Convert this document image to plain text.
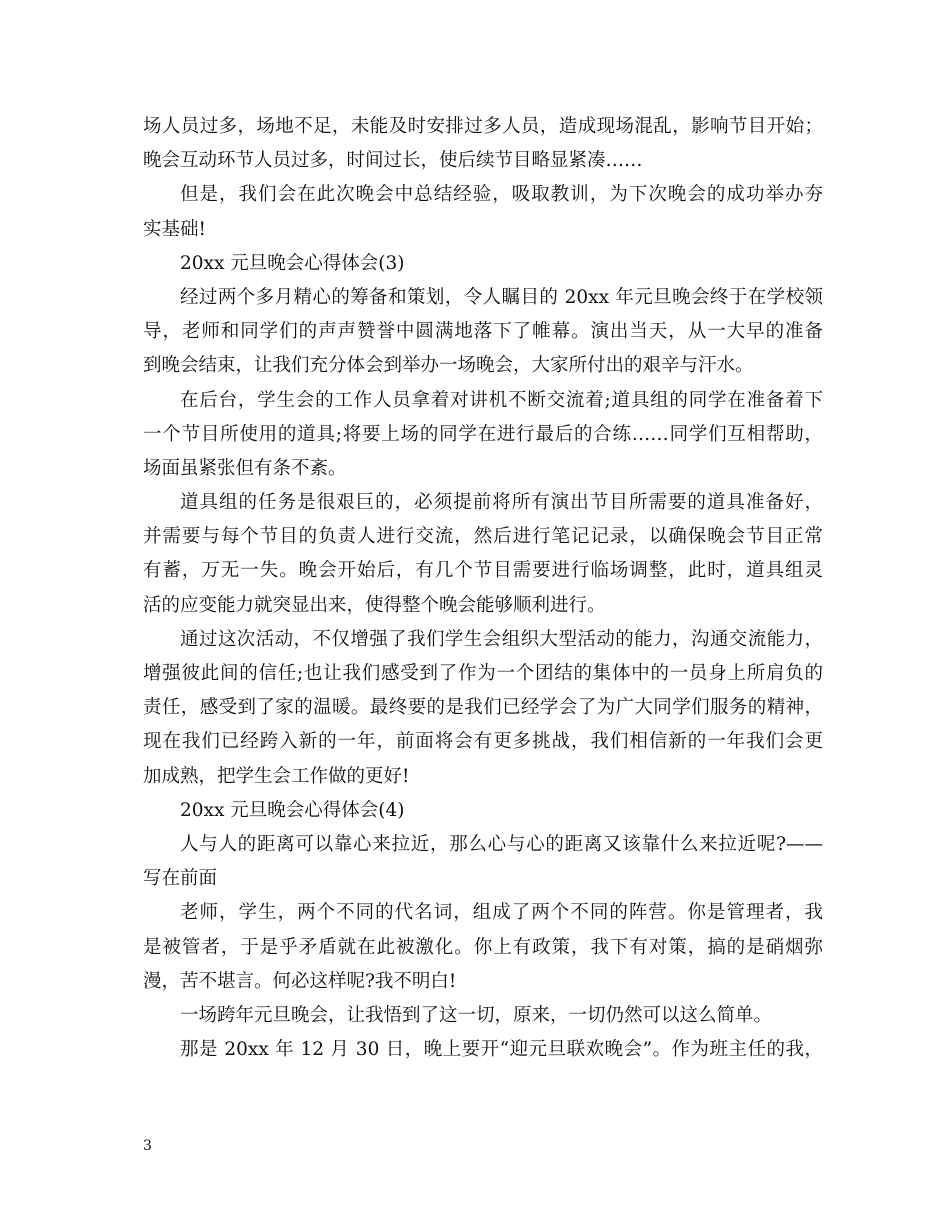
场人员过多，场地不足，未能及时安排过多人员，造成现场混乱，影响节目开始；
晚会互动环节人员过多，时间过长，使后续节目略显紧凑……
但是，我们会在此次晚会中总结经验，吸取教训，为下次晚会的成功举办夯
实基础!
20xx 元旦晚会心得体会(3)
经过两个多月精心的筹备和策划，令人瞩目的 20xx 年元旦晚会终于在学校领
导，老师和同学们的声声赞誉中圆满地落下了帷幕。演出当天，从一大早的准备
到晚会结束，让我们充分体会到举办一场晚会，大家所付出的艰辛与汗水。
在后台，学生会的工作人员拿着对讲机不断交流着;道具组的同学在准备着下
一个节目所使用的道具;将要上场的同学在进行最后的合练……同学们互相帮助，
场面虽紧张但有条不紊。
道具组的任务是很艰巨的，必须提前将所有演出节目所需要的道具准备好，
并需要与每个节目的负责人进行交流，然后进行笔记记录，以确保晚会节目正常
有蓄，万无一失。晚会开始后，有几个节目需要进行临场调整，此时，道具组灵
活的应变能力就突显出来，使得整个晚会能够顺利进行。
通过这次活动，不仅增强了我们学生会组织大型活动的能力，沟通交流能力，
增强彼此间的信任;也让我们感受到了作为一个团结的集体中的一员身上所肩负的
责任，感受到了家的温暖。最终要的是我们已经学会了为广大同学们服务的精神，
现在我们已经跨入新的一年，前面将会有更多挑战，我们相信新的一年我们会更
加成熟，把学生会工作做的更好!
20xx 元旦晚会心得体会(4)
人与人的距离可以靠心来拉近，那么心与心的距离又该靠什么来拉近呢?——
写在前面
老师，学生，两个不同的代名词，组成了两个不同的阵营。你是管理者，我
是被管者，于是乎矛盾就在此被激化。你上有政策，我下有对策，搞的是硝烟弥
漫，苦不堪言。何必这样呢?我不明白!
一场跨年元旦晚会，让我悟到了这一切，原来，一切仍然可以这么简单。
那是 20xx 年 12 月 30 日，晚上要开“迎元旦联欢晚会”。作为班主任的我，
3
